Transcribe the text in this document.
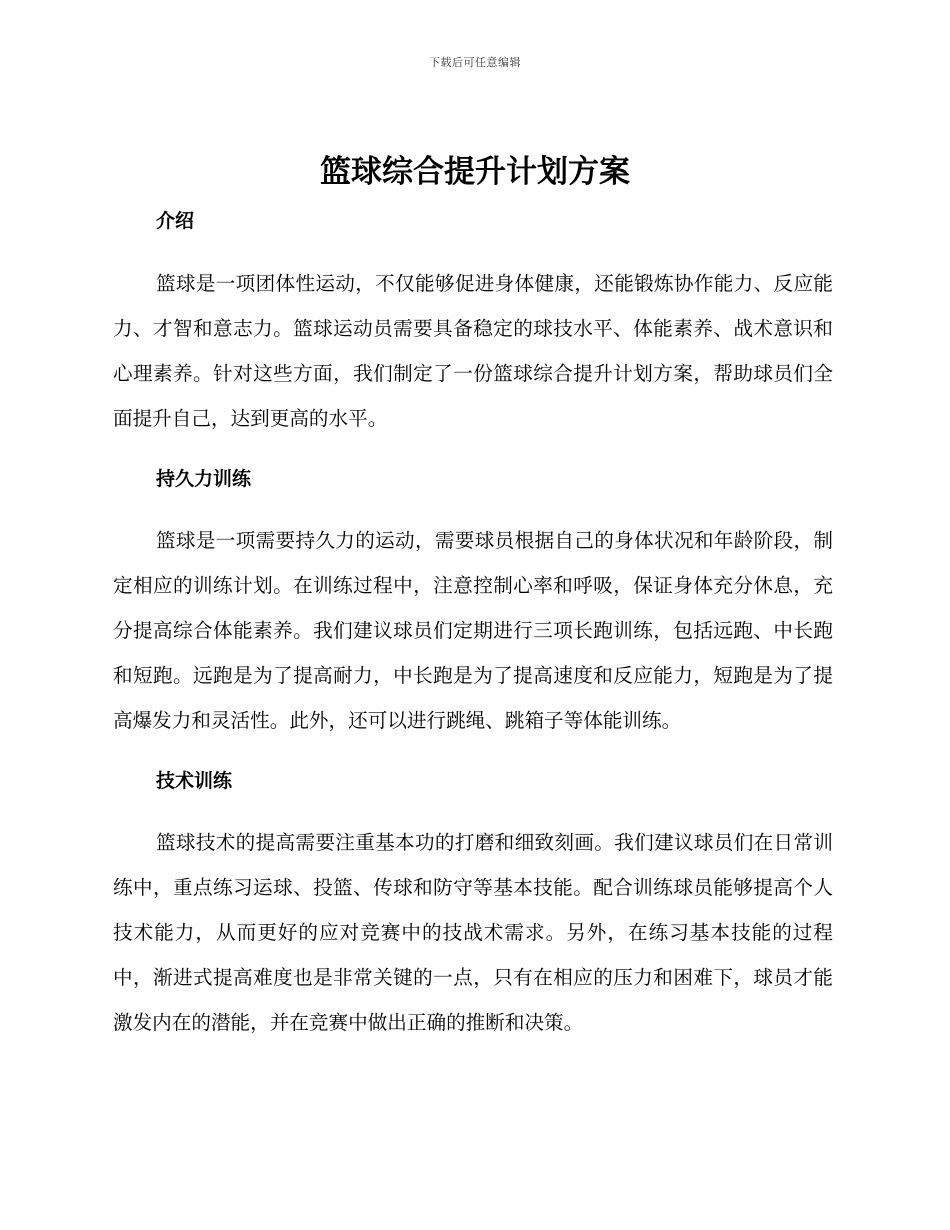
下载后可任意编辑
篮球综合提升计划方案
介绍

篮球是一项团体性运动，不仅能够促进身体健康，还能锻炼协作能力、反应能力、才智和意志力。篮球运动员需要具备稳定的球技水平、体能素养、战术意识和心理素养。针对这些方面，我们制定了一份篮球综合提升计划方案，帮助球员们全面提升自己，达到更高的水平。

持久力训练

篮球是一项需要持久力的运动，需要球员根据自己的身体状况和年龄阶段，制定相应的训练计划。在训练过程中，注意控制心率和呼吸，保证身体充分休息，充分提高综合体能素养。我们建议球员们定期进行三项长跑训练，包括远跑、中长跑和短跑。远跑是为了提高耐力，中长跑是为了提高速度和反应能力，短跑是为了提高爆发力和灵活性。此外，还可以进行跳绳、跳箱子等体能训练。

技术训练

篮球技术的提高需要注重基本功的打磨和细致刻画。我们建议球员们在日常训练中，重点练习运球、投篮、传球和防守等基本技能。配合训练球员能够提高个人技术能力，从而更好的应对竞赛中的技战术需求。另外，在练习基本技能的过程中，渐进式提高难度也是非常关键的一点，只有在相应的压力和困难下，球员才能激发内在的潜能，并在竞赛中做出正确的推断和决策。
